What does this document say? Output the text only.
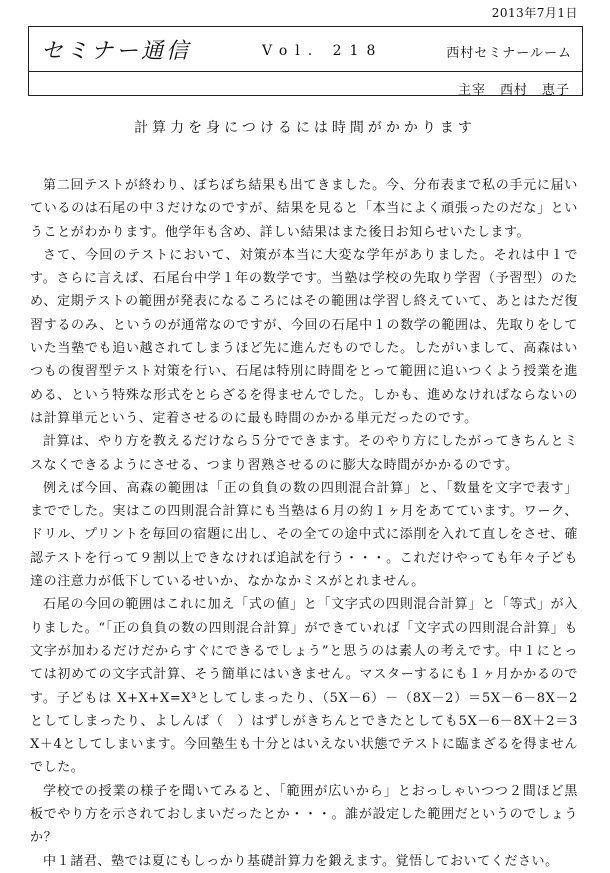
2013年7月1日
セミナー通信	Vol. 218	西村セミナールーム
主宰　西村　恵子
計算力を身につけるには時間がかかります

第二回テストが終わり、ぼちぼち結果も出てきました。今、分布表まで私の手元に届いているのは石尾の中３だけなのですが、結果を見ると「本当によく頑張ったのだな」ということがわかります。他学年も含め、詳しい結果はまた後日お知らせいたします。

さて、今回のテストにおいて、対策が本当に大変な学年がありました。それは中１です。さらに言えば、石尾台中学１年の数学です。当塾は学校の先取り学習（予習型）のため、定期テストの範囲が発表になるころにはその範囲は学習し終えていて、あとはただ復習するのみ、というのが通常なのですが、今回の石尾中１の数学の範囲は、先取りをしていた当塾でも追い越されてしまうほど先に進んだものでした。したがいまして、高森はいつもの復習型テスト対策を行い、石尾は特別に時間をとって範囲に追いつくよう授業を進める、という特殊な形式をとらざるを得ませんでした。しかも、進めなければならないのは計算単元という、定着させるのに最も時間のかかる単元だったのです。

計算は、やり方を教えるだけなら５分でできます。そのやり方にしたがってきちんとミスなくできるようにさせる、つまり習熟させるのに膨大な時間がかかるのです。

例えば今回、高森の範囲は「正の負負の数の四則混合計算」と、「数量を文字で表す」まででした。実はこの四則混合計算にも当塾は６月の約１ヶ月をあてています。ワーク、ドリル、プリントを毎回の宿題に出し、その全ての途中式に添削を入れて直しをさせ、確認テストを行って９割以上できなければ追試を行う・・・。これだけやっても年々子ども達の注意力が低下しているせいか、なかなかミスがとれません。

石尾の今回の範囲はこれに加え「式の値」と「文字式の四則混合計算」と「等式」が入りました。“「正の負負の数の四則混合計算」ができていれば「文字式の四則混合計算」も文字が加わるだけだからすぐにできるでしょう”と思うのは素人の考えです。中１にとっては初めての文字式計算、そう簡単にはいきません。マスターするにも１ヶ月かかるのです。子どもは X+X+X=X³としてしまったり、（5X－6）－（8X－2）＝5X－6－8X－2としてしまったり、よしんば（　）はずしがきちんとできたとしても5X－6－8X＋2＝3X＋4としてしまいます。今回塾生も十分とはいえない状態でテストに臨まざるを得ませんでした。

学校での授業の様子を聞いてみると、「範囲が広いから」とおっしゃいつつ２間ほど黒板でやり方を示されておしまいだったとか・・・。誰が設定した範囲だというのでしょうか？

中１諸君、塾では夏にもしっかり基礎計算力を鍛えます。覚悟しておいてください。
